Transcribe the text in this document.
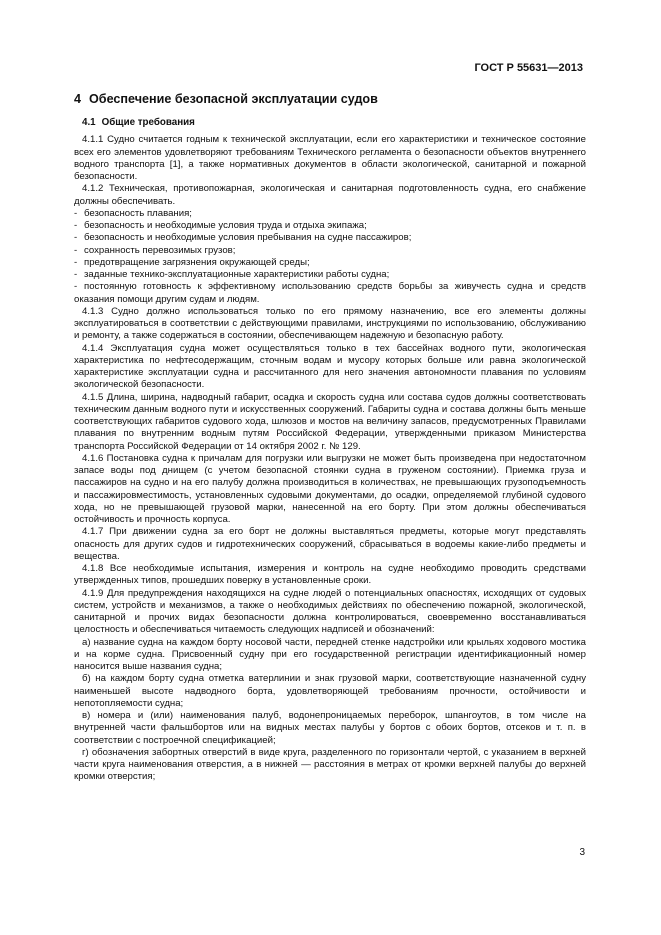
ГОСТ Р 55631—2013
4 Обеспечение безопасной эксплуатации судов
4.1 Общие требования

4.1.1 Судно считается годным к технической эксплуатации, если его характеристики и техническое состояние всех его элементов удовлетворяют требованиям Технического регламента о безопасности объектов внутреннего водного транспорта [1], а также нормативных документов в области экологической, санитарной и пожарной безопасности.

4.1.2 Техническая, противопожарная, экологическая и санитарная подготовленность судна, его снабжение должны обеспечивать.

- безопасность плавания;
- безопасность и необходимые условия труда и отдыха экипажа;
- безопасность и необходимые условия пребывания на судне пассажиров;
- сохранность перевозимых грузов;
- предотвращение загрязнения окружающей среды;
- заданные технико-эксплуатационные характеристики работы судна;
- постоянную готовность к эффективному использованию средств борьбы за живучесть судна и средств оказания помощи другим судам и людям.

4.1.3 Судно должно использоваться только по его прямому назначению, все его элементы должны эксплуатироваться в соответствии с действующими правилами, инструкциями по использованию, обслуживанию и ремонту, а также содержаться в состоянии, обеспечивающем надежную и безопасную работу.

4.1.4 Эксплуатация судна может осуществляться только в тех бассейнах водного пути, экологическая характеристика по нефтесодержащим, сточным водам и мусору которых больше или равна экологической характеристике эксплуатации судна и рассчитанного для него значения автономности плавания по условиям экологической безопасности.

4.1.5 Длина, ширина, надводный габарит, осадка и скорость судна или состава судов должны соответствовать техническим данным водного пути и искусственных сооружений. Габариты судна и состава должны быть меньше соответствующих габаритов судового хода, шлюзов и мостов на величину запасов, предусмотренных Правилами плавания по внутренним водным путям Российской Федерации, утвержденными приказом Министерства транспорта Российской Федерации от 14 октября 2002 г. № 129.

4.1.6 Постановка судна к причалам для погрузки или выгрузки не может быть произведена при недостаточном запасе воды под днищем (с учетом безопасной стоянки судна в груженом состоянии). Приемка груза и пассажиров на судно и на его палубу должна производиться в количествах, не превышающих грузоподъемность и пассажировместимость, установленных судовыми документами, до осадки, определяемой глубиной судового хода, но не превышающей грузовой марки, нанесенной на его борту. При этом должны обеспечиваться остойчивость и прочность корпуса.

4.1.7 При движении судна за его борт не должны выставляться предметы, которые могут представлять опасность для других судов и гидротехнических сооружений, сбрасываться в водоемы какие-либо предметы и вещества.

4.1.8 Все необходимые испытания, измерения и контроль на судне необходимо проводить средствами утвержденных типов, прошедших поверку в установленные сроки.

4.1.9 Для предупреждения находящихся на судне людей о потенциальных опасностях, исходящих от судовых систем, устройств и механизмов, а также о необходимых действиях по обеспечению пожарной, экологической, санитарной и прочих видах безопасности должна контролироваться, своевременно восстанавливаться целостность и обеспечиваться читаемость следующих надписей и обозначений:

а) название судна на каждом борту носовой части, передней стенке надстройки или крыльях ходового мостика и на корме судна. Присвоенный судну при его государственной регистрации идентификационный номер наносится выше названия судна;

б) на каждом борту судна отметка ватерлинии и знак грузовой марки, соответствующие назначенной судну наименьшей высоте надводного борта, удовлетворяющей требованиям прочности, остойчивости и непотопляемости судна;

в) номера и (или) наименования палуб, водонепроницаемых переборок, шпангоутов, в том числе на внутренней части фальшбортов или на видных местах палубы у бортов с обоих бортов, отсеков и т. п. в соответствии с построечной спецификацией;

г) обозначения забортных отверстий в виде круга, разделенного по горизонтали чертой, с указанием в верхней части круга наименования отверстия, а в нижней — расстояния в метрах от кромки верхней палубы до верхней кромки отверстия;

3
